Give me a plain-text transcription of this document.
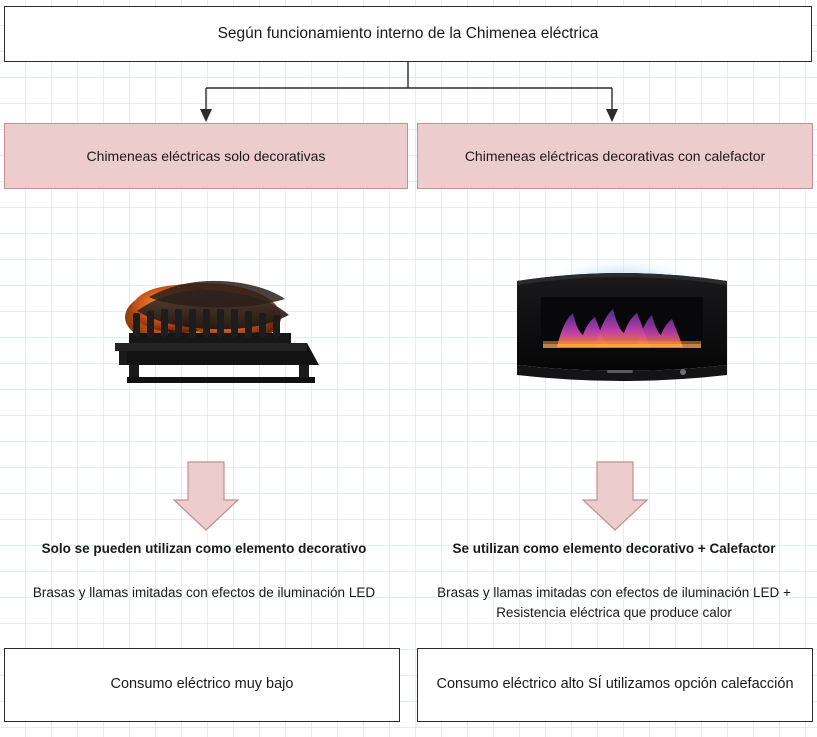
Según funcionamiento interno de la Chimenea eléctrica
Chimeneas eléctricas solo decorativas	Chimeneas eléctricas decorativas con calefactor
Solo se pueden utilizan como elemento decorativo
Brasas y llamas imitadas con efectos de iluminación LED
Se utilizan como elemento decorativo + Calefactor
Brasas y llamas imitadas con efectos de iluminación LED + Resistencia eléctrica que produce calor
Consumo eléctrico muy bajo	Consumo eléctrico alto SÍ utilizamos opción calefacción
